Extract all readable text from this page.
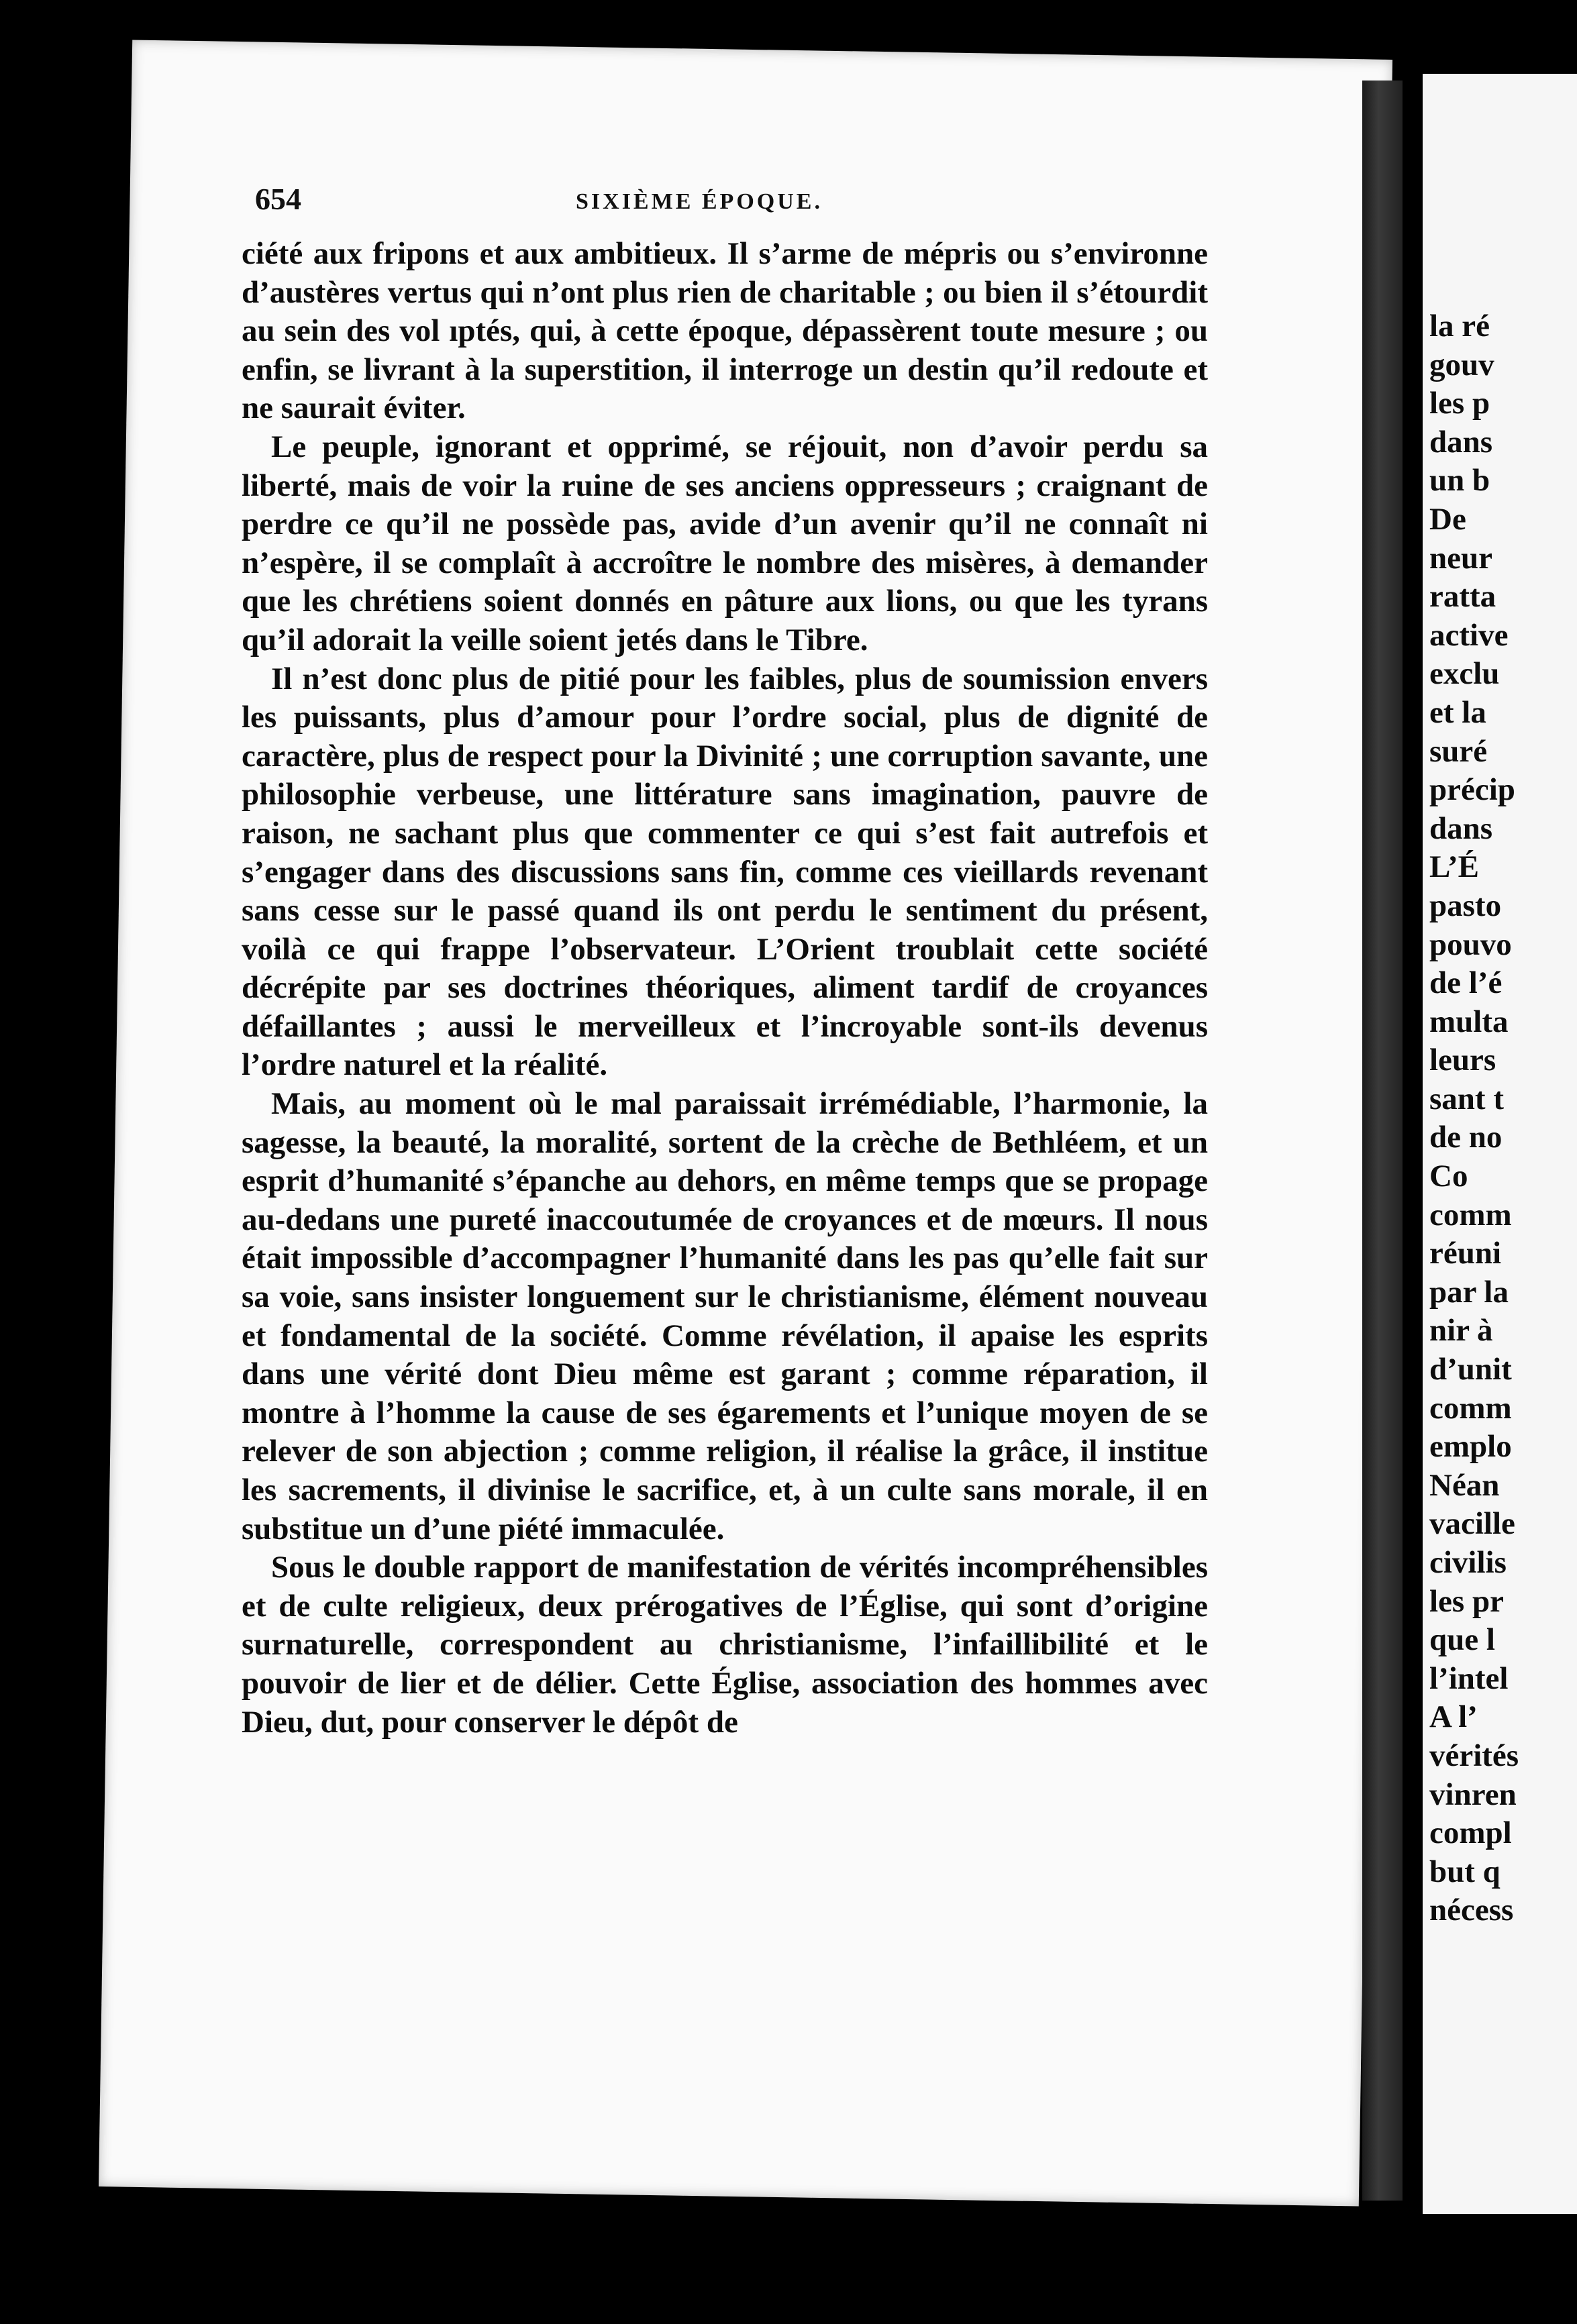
la ré
gouv
les p
dans
un b
De
neur
ratta
active
exclu
et la
suré
précip
dans
L’É
pasto
pouvo
de l’é
multa
leurs
sant t
de no
Co
comm
réuni
par la
nir à
d’unit
comm
emplo
Néan
vacille
civilis
les pr
que l
l’intel
A l’
vérités
vinren
compl
but q
nécess
654	SIXIÈME ÉPOQUE.

ciété aux fripons et aux ambitieux. Il s’arme de mépris ou s’environne d’austères vertus qui n’ont plus rien de charitable ; ou bien il s’étourdit au sein des vol ıptés, qui, à cette époque, dépassèrent toute mesure ; ou enfin, se livrant à la superstition, il interroge un destin qu’il redoute et ne saurait éviter.

Le peuple, ignorant et opprimé, se réjouit, non d’avoir perdu sa liberté, mais de voir la ruine de ses anciens oppresseurs ; craignant de perdre ce qu’il ne possède pas, avide d’un avenir qu’il ne connaît ni n’espère, il se complaît à accroître le nombre des misères, à demander que les chrétiens soient donnés en pâture aux lions, ou que les tyrans qu’il adorait la veille soient jetés dans le Tibre.

Il n’est donc plus de pitié pour les faibles, plus de soumission envers les puissants, plus d’amour pour l’ordre social, plus de dignité de caractère, plus de respect pour la Divinité ; une corruption savante, une philosophie verbeuse, une littérature sans imagination, pauvre de raison, ne sachant plus que commenter ce qui s’est fait autrefois et s’engager dans des discussions sans fin, comme ces vieillards revenant sans cesse sur le passé quand ils ont perdu le sentiment du présent, voilà ce qui frappe l’observateur. L’Orient troublait cette société décrépite par ses doctrines théoriques, aliment tardif de croyances défaillantes ; aussi le merveilleux et l’incroyable sont-ils devenus l’ordre naturel et la réalité.

Mais, au moment où le mal paraissait irrémédiable, l’harmonie, la sagesse, la beauté, la moralité, sortent de la crèche de Bethléem, et un esprit d’humanité s’épanche au dehors, en même temps que se propage au-dedans une pureté inaccoutumée de croyances et de mœurs. Il nous était impossible d’accompagner l’humanité dans les pas qu’elle fait sur sa voie, sans insister longuement sur le christianisme, élément nouveau et fondamental de la société. Comme révélation, il apaise les esprits dans une vérité dont Dieu même est garant ; comme réparation, il montre à l’homme la cause de ses égarements et l’unique moyen de se relever de son abjection ; comme religion, il réalise la grâce, il institue les sacrements, il divinise le sacrifice, et, à un culte sans morale, il en substitue un d’une piété immaculée.

Sous le double rapport de manifestation de vérités incompréhensibles et de culte religieux, deux prérogatives de l’Église, qui sont d’origine surnaturelle, correspondent au christianisme, l’infaillibilité et le pouvoir de lier et de délier. Cette Église, association des hommes avec Dieu, dut, pour conserver le dépôt de
